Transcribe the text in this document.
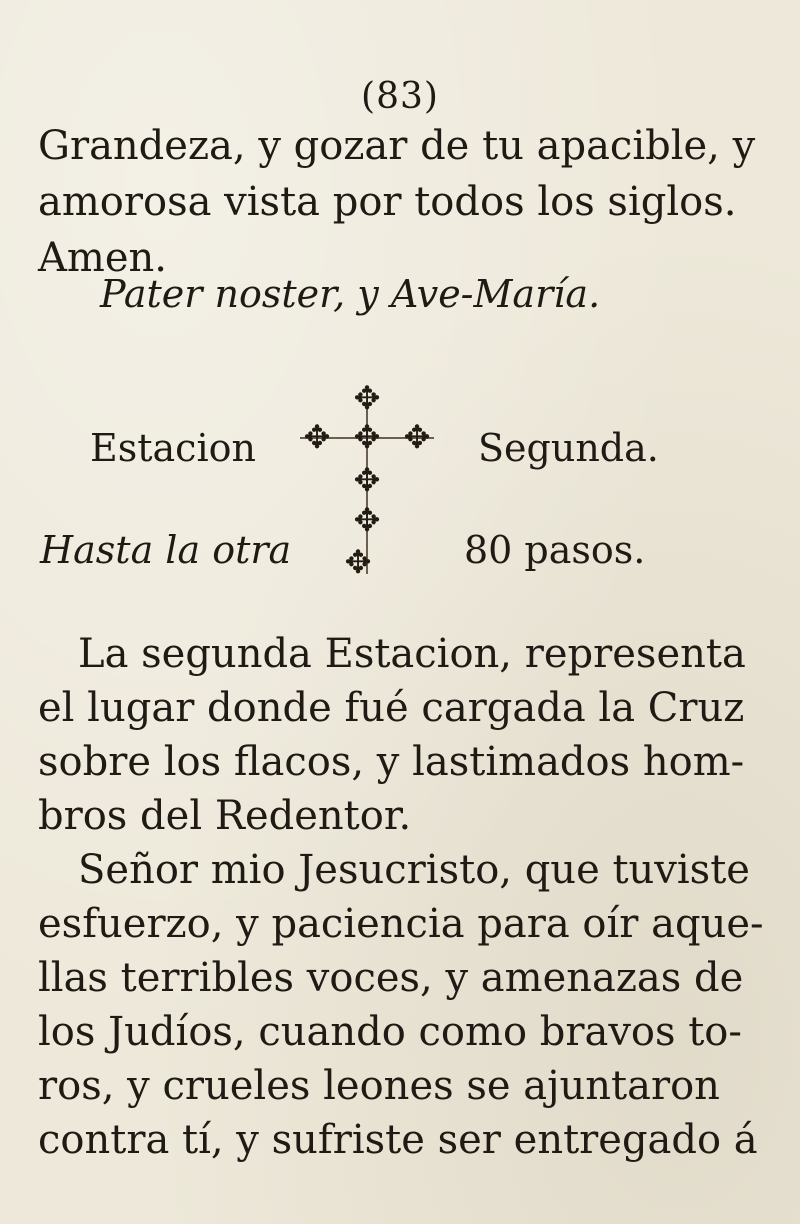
(83)
Grandeza, y gozar de tu apacible, y
amorosa vista por todos los siglos.
Amen.
Pater noster, y Ave-María.
✥
✥ ✥ ✥
✥
✥
✥
Estacion	Segunda.
Hasta la otra	80 pasos.
La segunda Estacion, representa
el lugar donde fué cargada la Cruz
sobre los flacos, y lastimados hom-
bros del Redentor.
Señor mio Jesucristo, que tuviste
esfuerzo, y paciencia para oír aque-
llas terribles voces, y amenazas de
los Judíos, cuando como bravos to-
ros, y crueles leones se ajuntaron
contra tí, y sufriste ser entregado á
